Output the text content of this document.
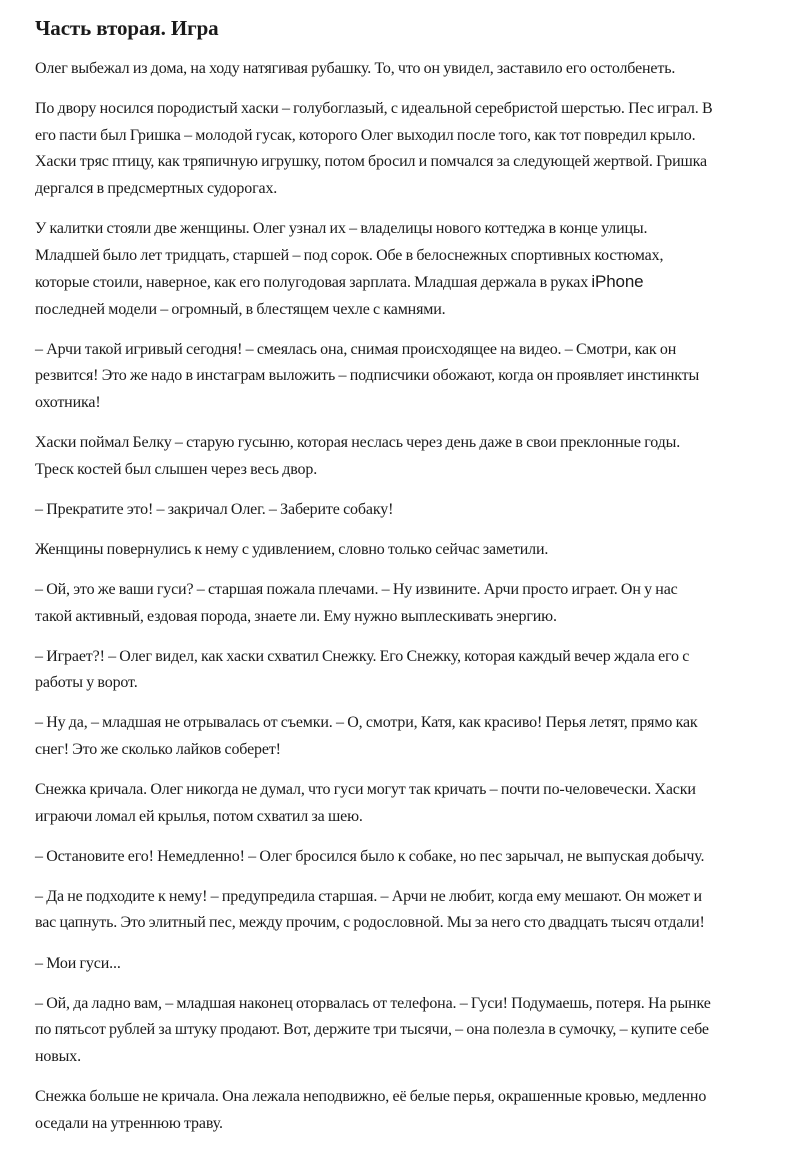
Часть вторая. Игра

Олег выбежал из дома, на ходу натягивая рубашку. То, что он увидел, заставило его остолбенеть.

По двору носился породистый хаски – голубоглазый, с идеальной серебристой шерстью. Пес играл. В его пасти был Гришка – молодой гусак, которого Олег выходил после того, как тот повредил крыло. Хаски тряс птицу, как тряпичную игрушку, потом бросил и помчался за следующей жертвой. Гришка дергался в предсмертных судорогах.

У калитки стояли две женщины. Олег узнал их – владелицы нового коттеджа в конце улицы. Младшей было лет тридцать, старшей – под сорок. Обе в белоснежных спортивных костюмах, которые стоили, наверное, как его полугодовая зарплата. Младшая держала в руках iPhone последней модели – огромный, в блестящем чехле с камнями.

– Арчи такой игривый сегодня! – смеялась она, снимая происходящее на видео. – Смотри, как он резвится! Это же надо в инстаграм выложить – подписчики обожают, когда он проявляет инстинкты охотника!

Хаски поймал Белку – старую гусыню, которая неслась через день даже в свои преклонные годы. Треск костей был слышен через весь двор.

– Прекратите это! – закричал Олег. – Заберите собаку!

Женщины повернулись к нему с удивлением, словно только сейчас заметили.

– Ой, это же ваши гуси? – старшая пожала плечами. – Ну извините. Арчи просто играет. Он у нас такой активный, ездовая порода, знаете ли. Ему нужно выплескивать энергию.

– Играет?! – Олег видел, как хаски схватил Снежку. Его Снежку, которая каждый вечер ждала его с работы у ворот.

– Ну да, – младшая не отрывалась от съемки. – О, смотри, Катя, как красиво! Перья летят, прямо как снег! Это же сколько лайков соберет!

Снежка кричала. Олег никогда не думал, что гуси могут так кричать – почти по-человечески. Хаски играючи ломал ей крылья, потом схватил за шею.

– Остановите его! Немедленно! – Олег бросился было к собаке, но пес зарычал, не выпуская добычу.

– Да не подходите к нему! – предупредила старшая. – Арчи не любит, когда ему мешают. Он может и вас цапнуть. Это элитный пес, между прочим, с родословной. Мы за него сто двадцать тысяч отдали!

– Мои гуси...

– Ой, да ладно вам, – младшая наконец оторвалась от телефона. – Гуси! Подумаешь, потеря. На рынке по пятьсот рублей за штуку продают. Вот, держите три тысячи, – она полезла в сумочку, – купите себе новых.

Снежка больше не кричала. Она лежала неподвижно, её белые перья, окрашенные кровью, медленно оседали на утреннюю траву.
